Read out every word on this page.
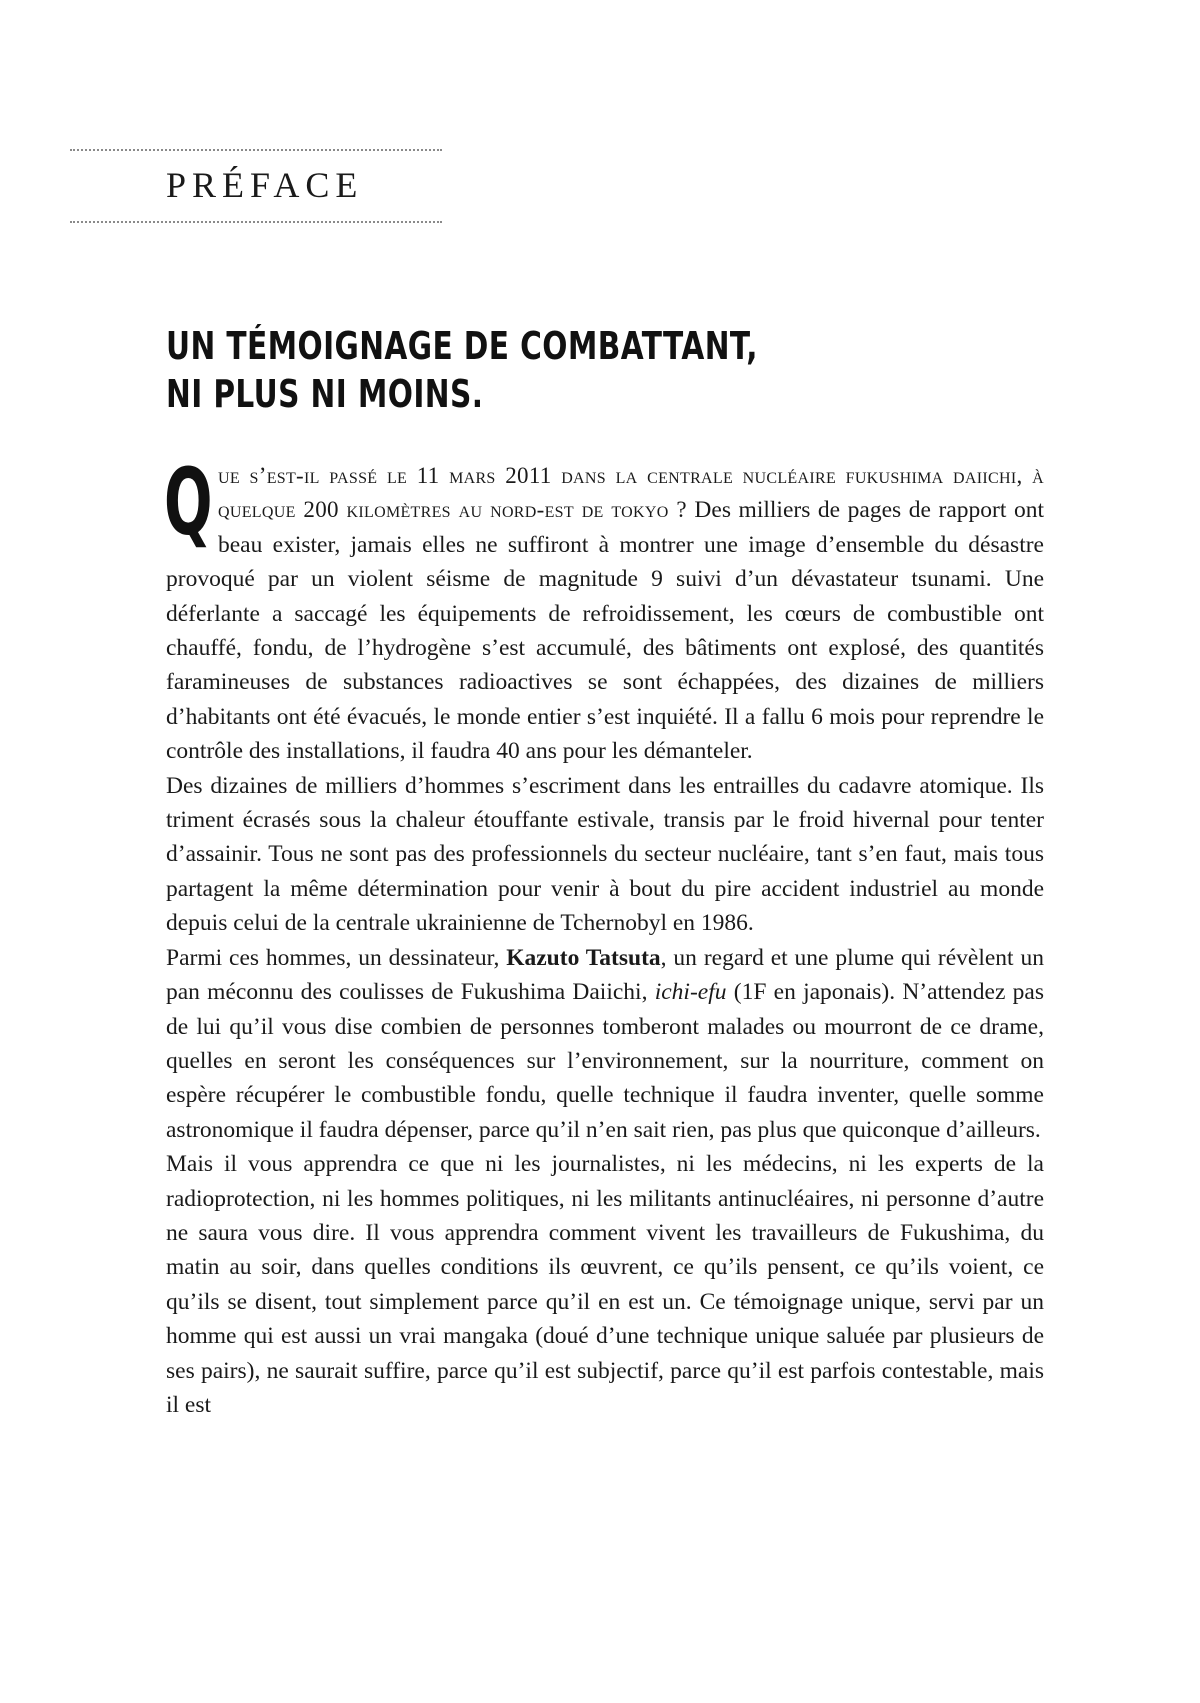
PRÉFACE
UN TÉMOIGNAGE DE COMBATTANT,
NI PLUS NI MOINS.

Que s’est-il passé le 11 mars 2011 dans la centrale nucléaire fukushima daiichi, à quelque 200 kilomètres au nord-est de tokyo ? Des milliers de pages de rapport ont beau exister, jamais elles ne suffiront à montrer une image d’ensemble du désastre provoqué par un violent séisme de magnitude 9 suivi d’un dévastateur tsunami. Une déferlante a saccagé les équipements de refroidissement, les cœurs de combustible ont chauffé, fondu, de l’hydrogène s’est accumulé, des bâtiments ont explosé, des quantités faramineuses de substances radioactives se sont échappées, des dizaines de milliers d’habitants ont été évacués, le monde entier s’est inquiété. Il a fallu 6 mois pour reprendre le contrôle des installations, il faudra 40 ans pour les démanteler.

Des dizaines de milliers d’hommes s’escriment dans les entrailles du cadavre atomique. Ils triment écrasés sous la chaleur étouffante estivale, transis par le froid hivernal pour tenter d’assainir. Tous ne sont pas des professionnels du secteur nucléaire, tant s’en faut, mais tous partagent la même détermination pour venir à bout du pire accident industriel au monde depuis celui de la centrale ukrainienne de Tchernobyl en 1986.

Parmi ces hommes, un dessinateur, Kazuto Tatsuta, un regard et une plume qui révèlent un pan méconnu des coulisses de Fukushima Daiichi, ichi-efu (1F en japonais). N’attendez pas de lui qu’il vous dise combien de personnes tomberont malades ou mourront de ce drame, quelles en seront les conséquences sur l’environnement, sur la nourriture, comment on espère récupérer le combustible fondu, quelle technique il faudra inventer, quelle somme astronomique il faudra dépenser, parce qu’il n’en sait rien, pas plus que quiconque d’ailleurs.

Mais il vous apprendra ce que ni les journalistes, ni les médecins, ni les experts de la radioprotection, ni les hommes politiques, ni les militants antinucléaires, ni personne d’autre ne saura vous dire. Il vous apprendra comment vivent les travailleurs de Fukushima, du matin au soir, dans quelles conditions ils œuvrent, ce qu’ils pensent, ce qu’ils voient, ce qu’ils se disent, tout simplement parce qu’il en est un. Ce témoignage unique, servi par un homme qui est aussi un vrai mangaka (doué d’une technique unique saluée par plusieurs de ses pairs), ne saurait suffire, parce qu’il est subjectif, parce qu’il est parfois contestable, mais il est
